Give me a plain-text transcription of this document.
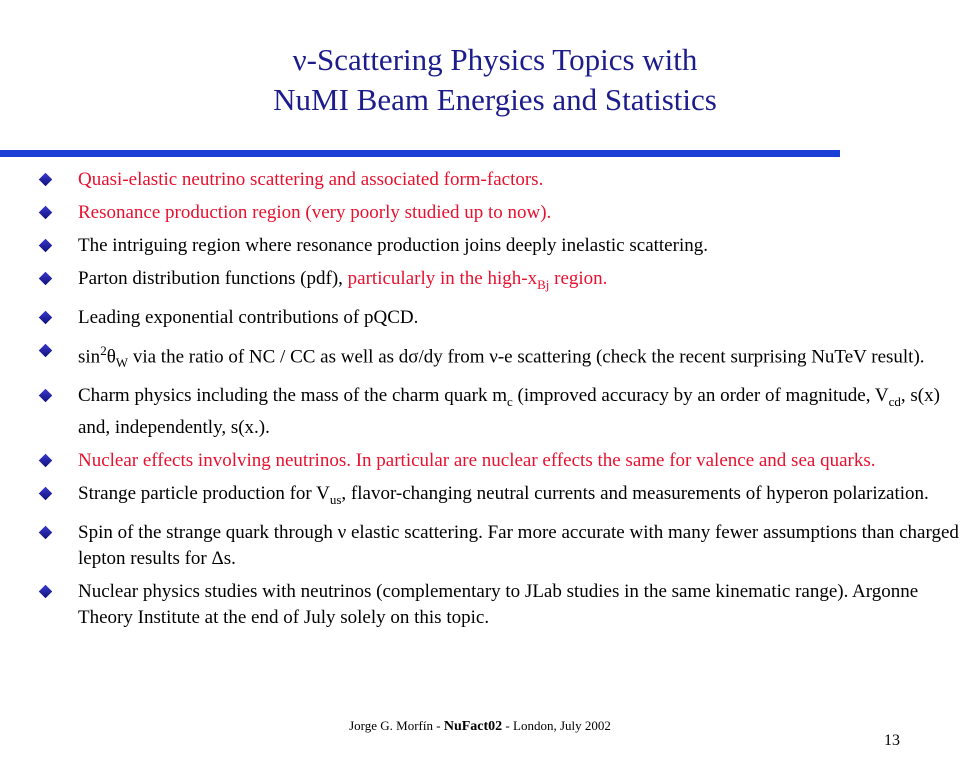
ν-Scattering Physics Topics with
NuMI Beam Energies and Statistics
Quasi-elastic neutrino scattering and associated form-factors.
Resonance production region (very poorly studied up to now).
The intriguing region where resonance production joins deeply inelastic scattering.
Parton distribution functions (pdf), particularly in the high-$x_{Bj}$ region.
Leading exponential contributions of pQCD.
$\sin^2\theta_W$ via the ratio of NC / CC as well as dσ/dy from ν-e scattering (check the recent surprising NuTeV result).
Charm physics including the mass of the charm quark $m_c$ (improved accuracy by an order of magnitude, $V_{cd}$, s(x) and, independently, s(x.).
Nuclear effects involving neutrinos. In particular are nuclear effects the same for valence and sea quarks.
Strange particle production for $V_{us}$, flavor-changing neutral currents and measurements of hyperon polarization.
Spin of the strange quark through ν elastic scattering. Far more accurate with many fewer assumptions than charged lepton results for Δs.
Nuclear physics studies with neutrinos (complementary to JLab studies in the same kinematic range). Argonne Theory Institute at the end of July solely on this topic.
Jorge G. Morfín - NuFact02 - London, July 2002
13
